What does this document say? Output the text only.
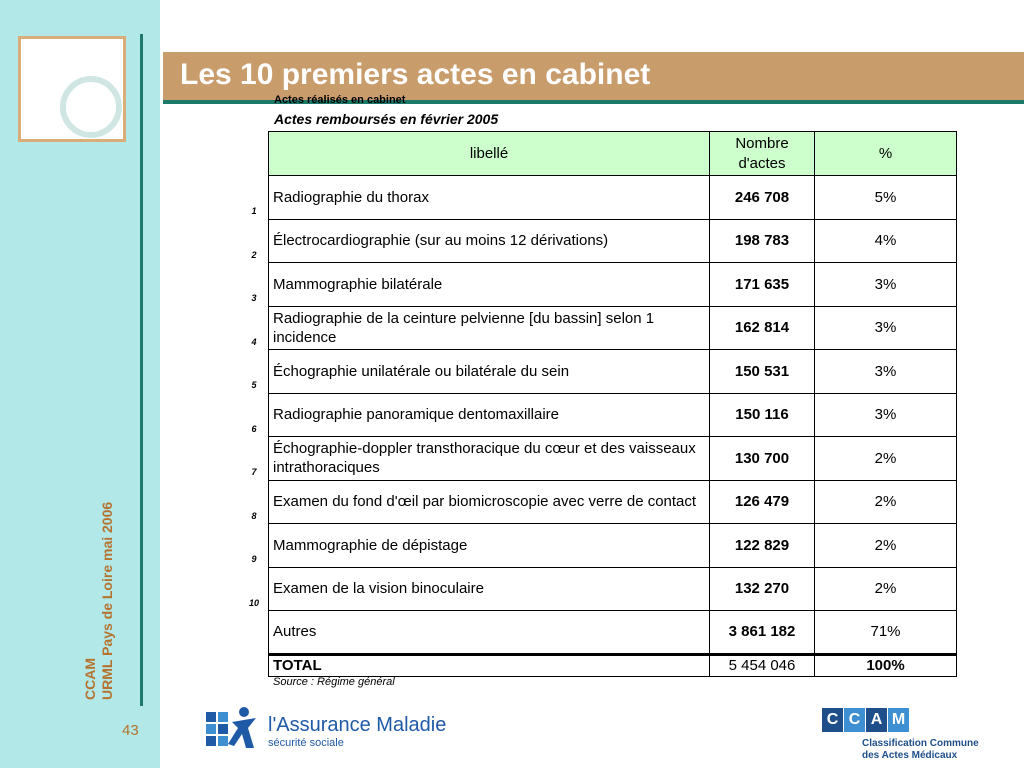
CCAM URML Pays de Loire mai 2006
43
Les 10 premiers actes en cabinet
Actes réalisés en cabinet
Actes remboursés en février 2005
1
2
3
4
5
6
7
8
9
10
libellé	Nombre d'actes	%
Radiographie du thorax	246 708	5%
Électrocardiographie (sur au moins 12 dérivations)	198 783	4%
Mammographie bilatérale	171 635	3%
Radiographie de la ceinture pelvienne [du bassin] selon 1 incidence	162 814	3%
Échographie unilatérale ou bilatérale du sein	150 531	3%
Radiographie panoramique dentomaxillaire	150 116	3%
Échographie-doppler transthoracique du cœur et des vaisseaux intrathoraciques	130 700	2%
Examen du fond d'œil par biomicroscopie avec verre de contact	126 479	2%
Mammographie de dépistage	122 829	2%
Examen de la vision binoculaire	132 270	2%
Autres	3 861 182	71%
TOTAL	5 454 046	100%
Source : Régime général
l'Assurance Maladie
sécurité sociale
C C A M
Classification Commune
des Actes Médicaux
